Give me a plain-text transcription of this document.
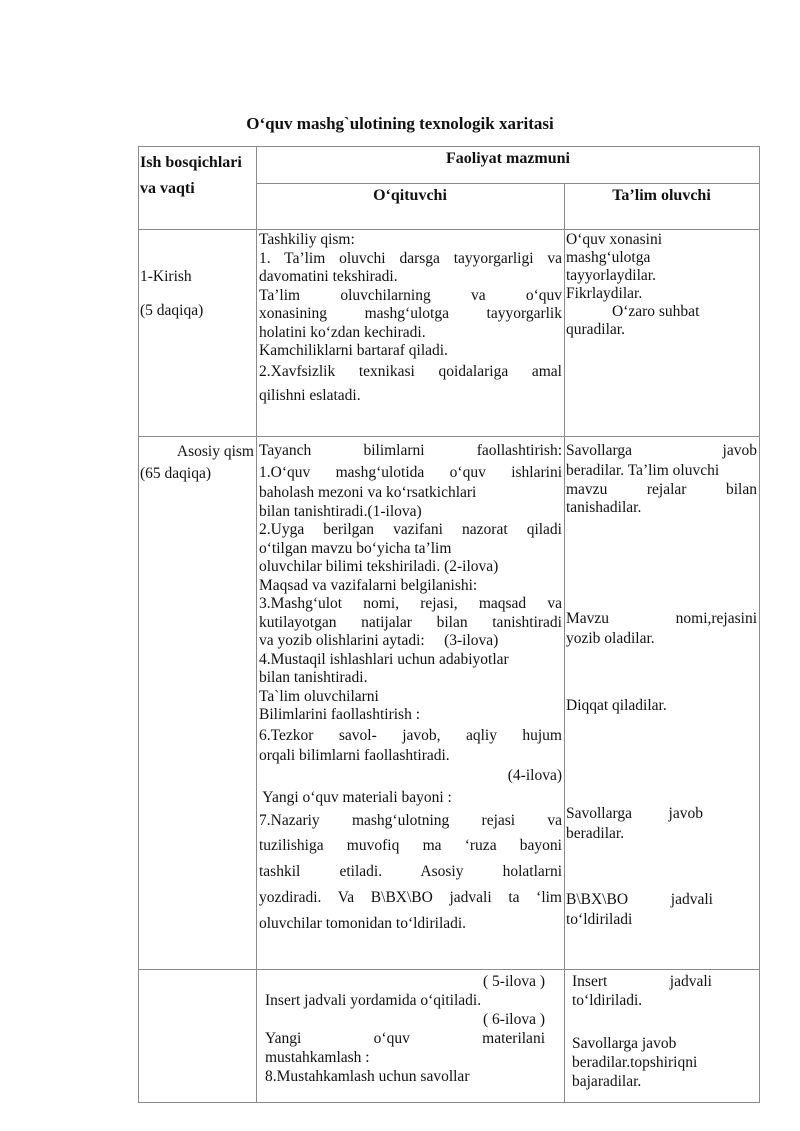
O‘quv mashg`ulotining texnologik xaritasi
Ish bosqichlari va vaqti
Faoliyat mazmuni
O‘qituvchi	Ta’lim oluvchi

1-Kirish

(5 daqiqa)

Tashkiliy qism:

1. Ta’lim oluvchi darsga tayyorgarligi va

davomatini tekshiradi.

Ta’lim oluvchilarning va o‘quv

xonasining mashg‘ulotga tayyorgarlik

holatini ko‘zdan kechiradi.

Kamchiliklarni bartaraf qiladi.

2.Xavfsizlik texnikasi qoidalariga amal

qilishni eslatadi.

O‘quv xonasini

mashg‘ulotga

tayyorlaydilar.

Fikrlaydilar.

O‘zaro suhbat

quradilar.

Asosiy qism

(65 daqiqa)

Tayanch bilimlarni faollashtirish:

1.O‘quv mashg‘ulotida o‘quv ishlarini

baholash mezoni va ko‘rsatkichlari

bilan tanishtiradi.(1-ilova)

2.Uyga berilgan vazifani nazorat qiladi

o‘tilgan mavzu bo‘yicha ta’lim

oluvchilar bilimi tekshiriladi. (2-ilova)

Maqsad va vazifalarni belgilanishi:

3.Mashg‘ulot nomi, rejasi, maqsad va

kutilayotgan natijalar bilan tanishtiradi

va yozib olishlarini aytadi:     (3-ilova)

4.Mustaqil ishlashlari uchun adabiyotlar

bilan tanishtiradi.

Ta`lim oluvchilarni

Bilimlarini faollashtirish :

6.Tezkor savol- javob, aqliy hujum

orqali bilimlarni faollashtiradi.

(4-ilova)

Yangi o‘quv materiali bayoni :

7.Nazariy mashg‘ulotning rejasi va

tuzilishiga muvofiq ma ‘ruza bayoni

tashkil etiladi. Asosiy holatlarni

yozdiradi. Va B\BX\BO jadvali ta ‘lim

oluvchilar tomonidan to‘ldiriladi.

Savollarga javob

beradilar. Ta’lim oluvchi

mavzu rejalar bilan

tanishadilar.

Mavzu nomi,rejasini

yozib oladilar.

Diqqat qiladilar.

Savollarga javob

beradilar.

B\BX\BO jadvali

to‘ldiriladi

( 5-ilova )

Insert jadvali yordamida o‘qitiladi.

( 6-ilova )

Yangi o‘quv materilani

mustahkamlash :

8.Mustahkamlash uchun savollar

Insert jadvali

to‘ldiriladi.

Savollarga javob

beradilar.topshiriqni

bajaradilar.
